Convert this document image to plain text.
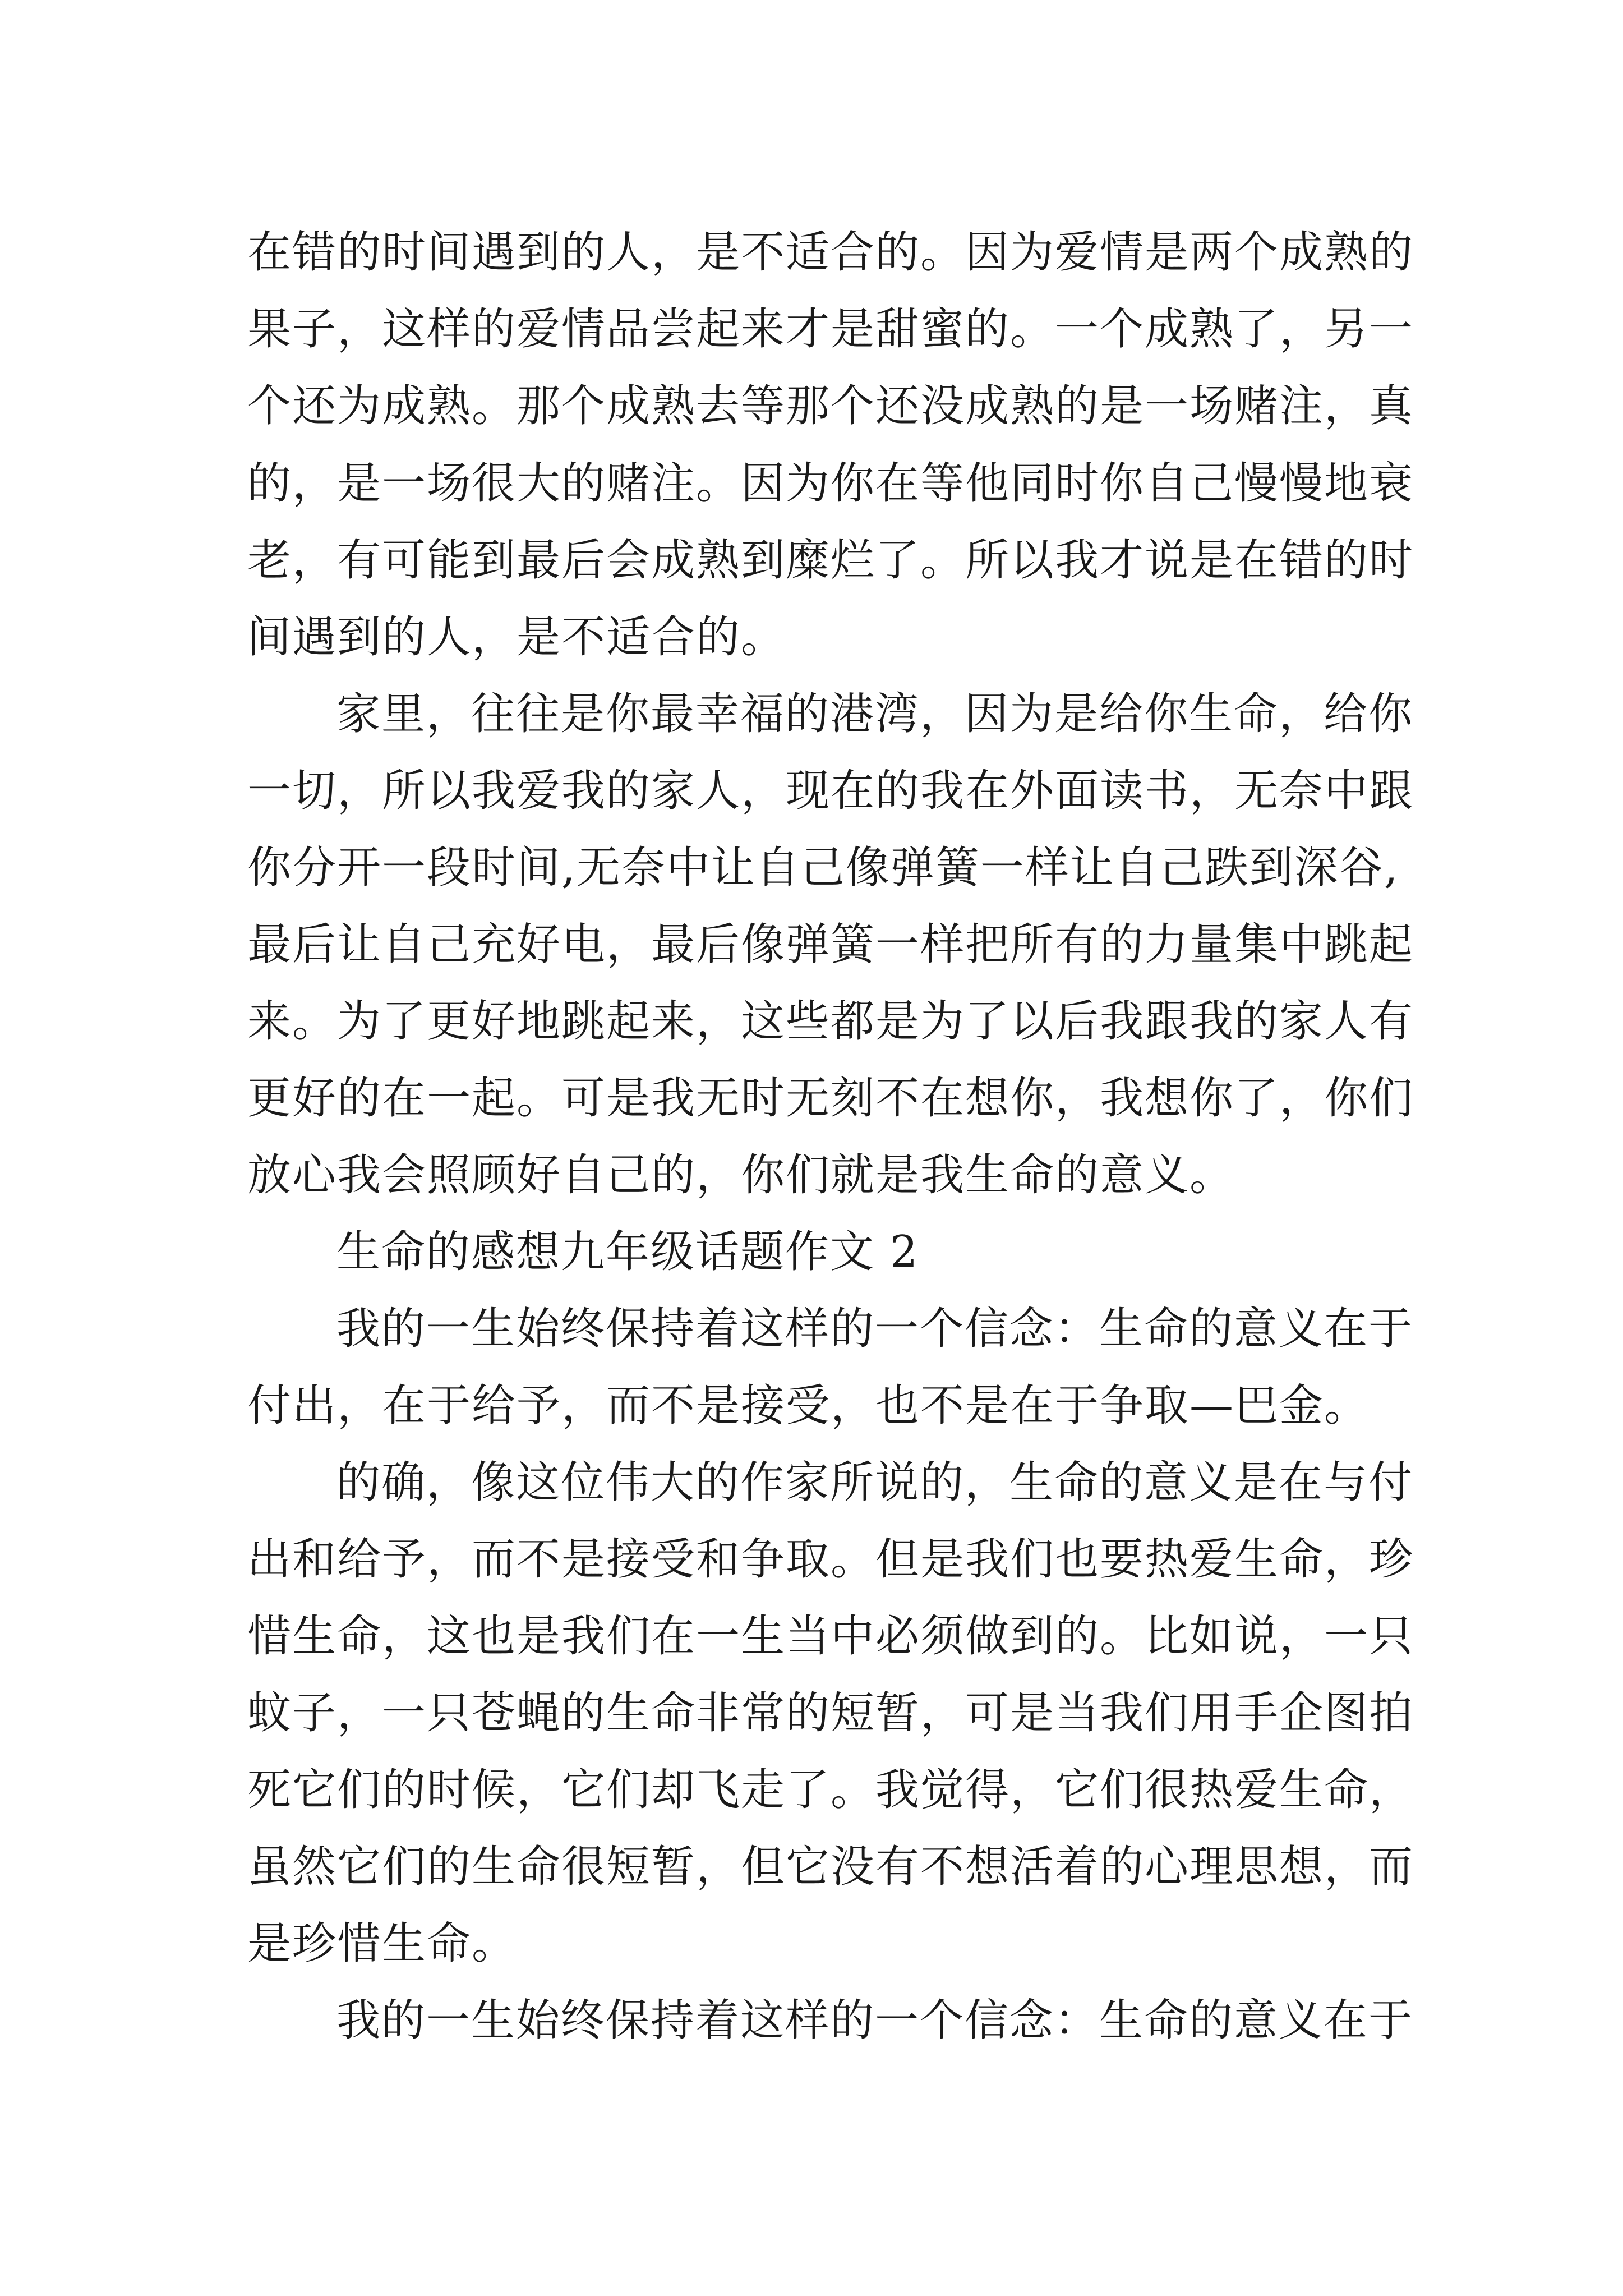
在错的时间遇到的人，是不适合的。因为爱情是两个成熟的
果子，这样的爱情品尝起来才是甜蜜的。一个成熟了，另一
个还为成熟。那个成熟去等那个还没成熟的是一场赌注，真
的，是一场很大的赌注。因为你在等他同时你自己慢慢地衰
老，有可能到最后会成熟到糜烂了。所以我才说是在错的时
间遇到的人，是不适合的。
家里，往往是你最幸福的港湾，因为是给你生命，给你
一切，所以我爱我的家人，现在的我在外面读书，无奈中跟
你分开一段时间,无奈中让自己像弹簧一样让自己跌到深谷,
最后让自己充好电，最后像弹簧一样把所有的力量集中跳起
来。为了更好地跳起来，这些都是为了以后我跟我的家人有
更好的在一起。可是我无时无刻不在想你，我想你了，你们
放心我会照顾好自己的，你们就是我生命的意义。
生命的感想九年级话题作文 2
我的一生始终保持着这样的一个信念：生命的意义在于
付出，在于给予，而不是接受，也不是在于争取—巴金。
的确，像这位伟大的作家所说的，生命的意义是在与付
出和给予，而不是接受和争取。但是我们也要热爱生命，珍
惜生命，这也是我们在一生当中必须做到的。比如说，一只
蚊子，一只苍蝇的生命非常的短暂，可是当我们用手企图拍
死它们的时候，它们却飞走了。我觉得，它们很热爱生命，
虽然它们的生命很短暂，但它没有不想活着的心理思想，而
是珍惜生命。
我的一生始终保持着这样的一个信念：生命的意义在于
